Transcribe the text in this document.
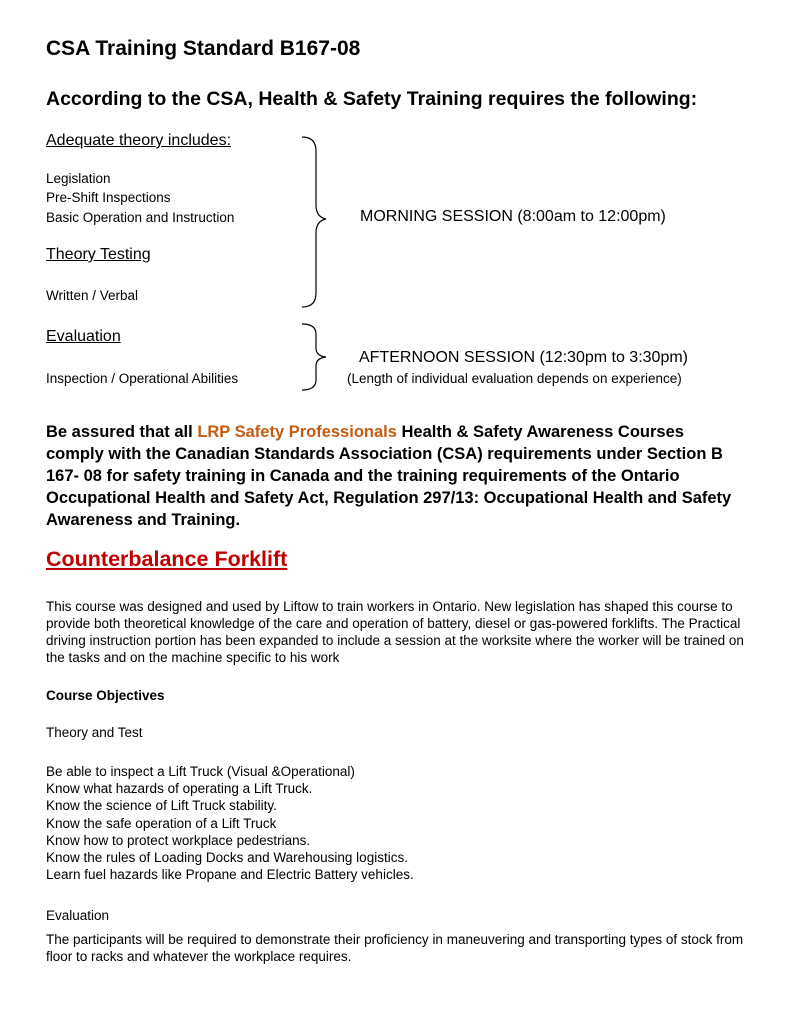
CSA Training Standard B167-08
According to the CSA, Health & Safety Training requires the following:
Adequate theory includes:
Legislation
Pre-Shift Inspections
Basic Operation and Instruction
Theory Testing
Written / Verbal
MORNING SESSION (8:00am to 12:00pm)
Evaluation
Inspection / Operational Abilities
AFTERNOON SESSION (12:30pm to 3:30pm)
(Length of individual evaluation depends on experience)
Be assured that all LRP Safety Professionals Health & Safety Awareness Courses comply with the Canadian Standards Association (CSA) requirements under Section B 167- 08 for safety training in Canada and the training requirements of the Ontario Occupational Health and Safety Act, Regulation 297/13: Occupational Health and Safety Awareness and Training.
Counterbalance Forklift
This course was designed and used by Liftow to train workers in Ontario. New legislation has shaped this course to provide both theoretical knowledge of the care and operation of battery, diesel or gas-powered forklifts. The Practical driving instruction portion has been expanded to include a session at the worksite where the worker will be trained on the tasks and on the machine specific to his work
Course Objectives
Theory and Test
Be able to inspect a Lift Truck (Visual &Operational)
Know what hazards of operating a Lift Truck.
Know the science of Lift Truck stability.
Know the safe operation of a Lift Truck
Know how to protect workplace pedestrians.
Know the rules of Loading Docks and Warehousing logistics.
Learn fuel hazards like Propane and Electric Battery vehicles.
Evaluation
The participants will be required to demonstrate their proficiency in maneuvering and transporting types of stock from floor to racks and whatever the workplace requires.
